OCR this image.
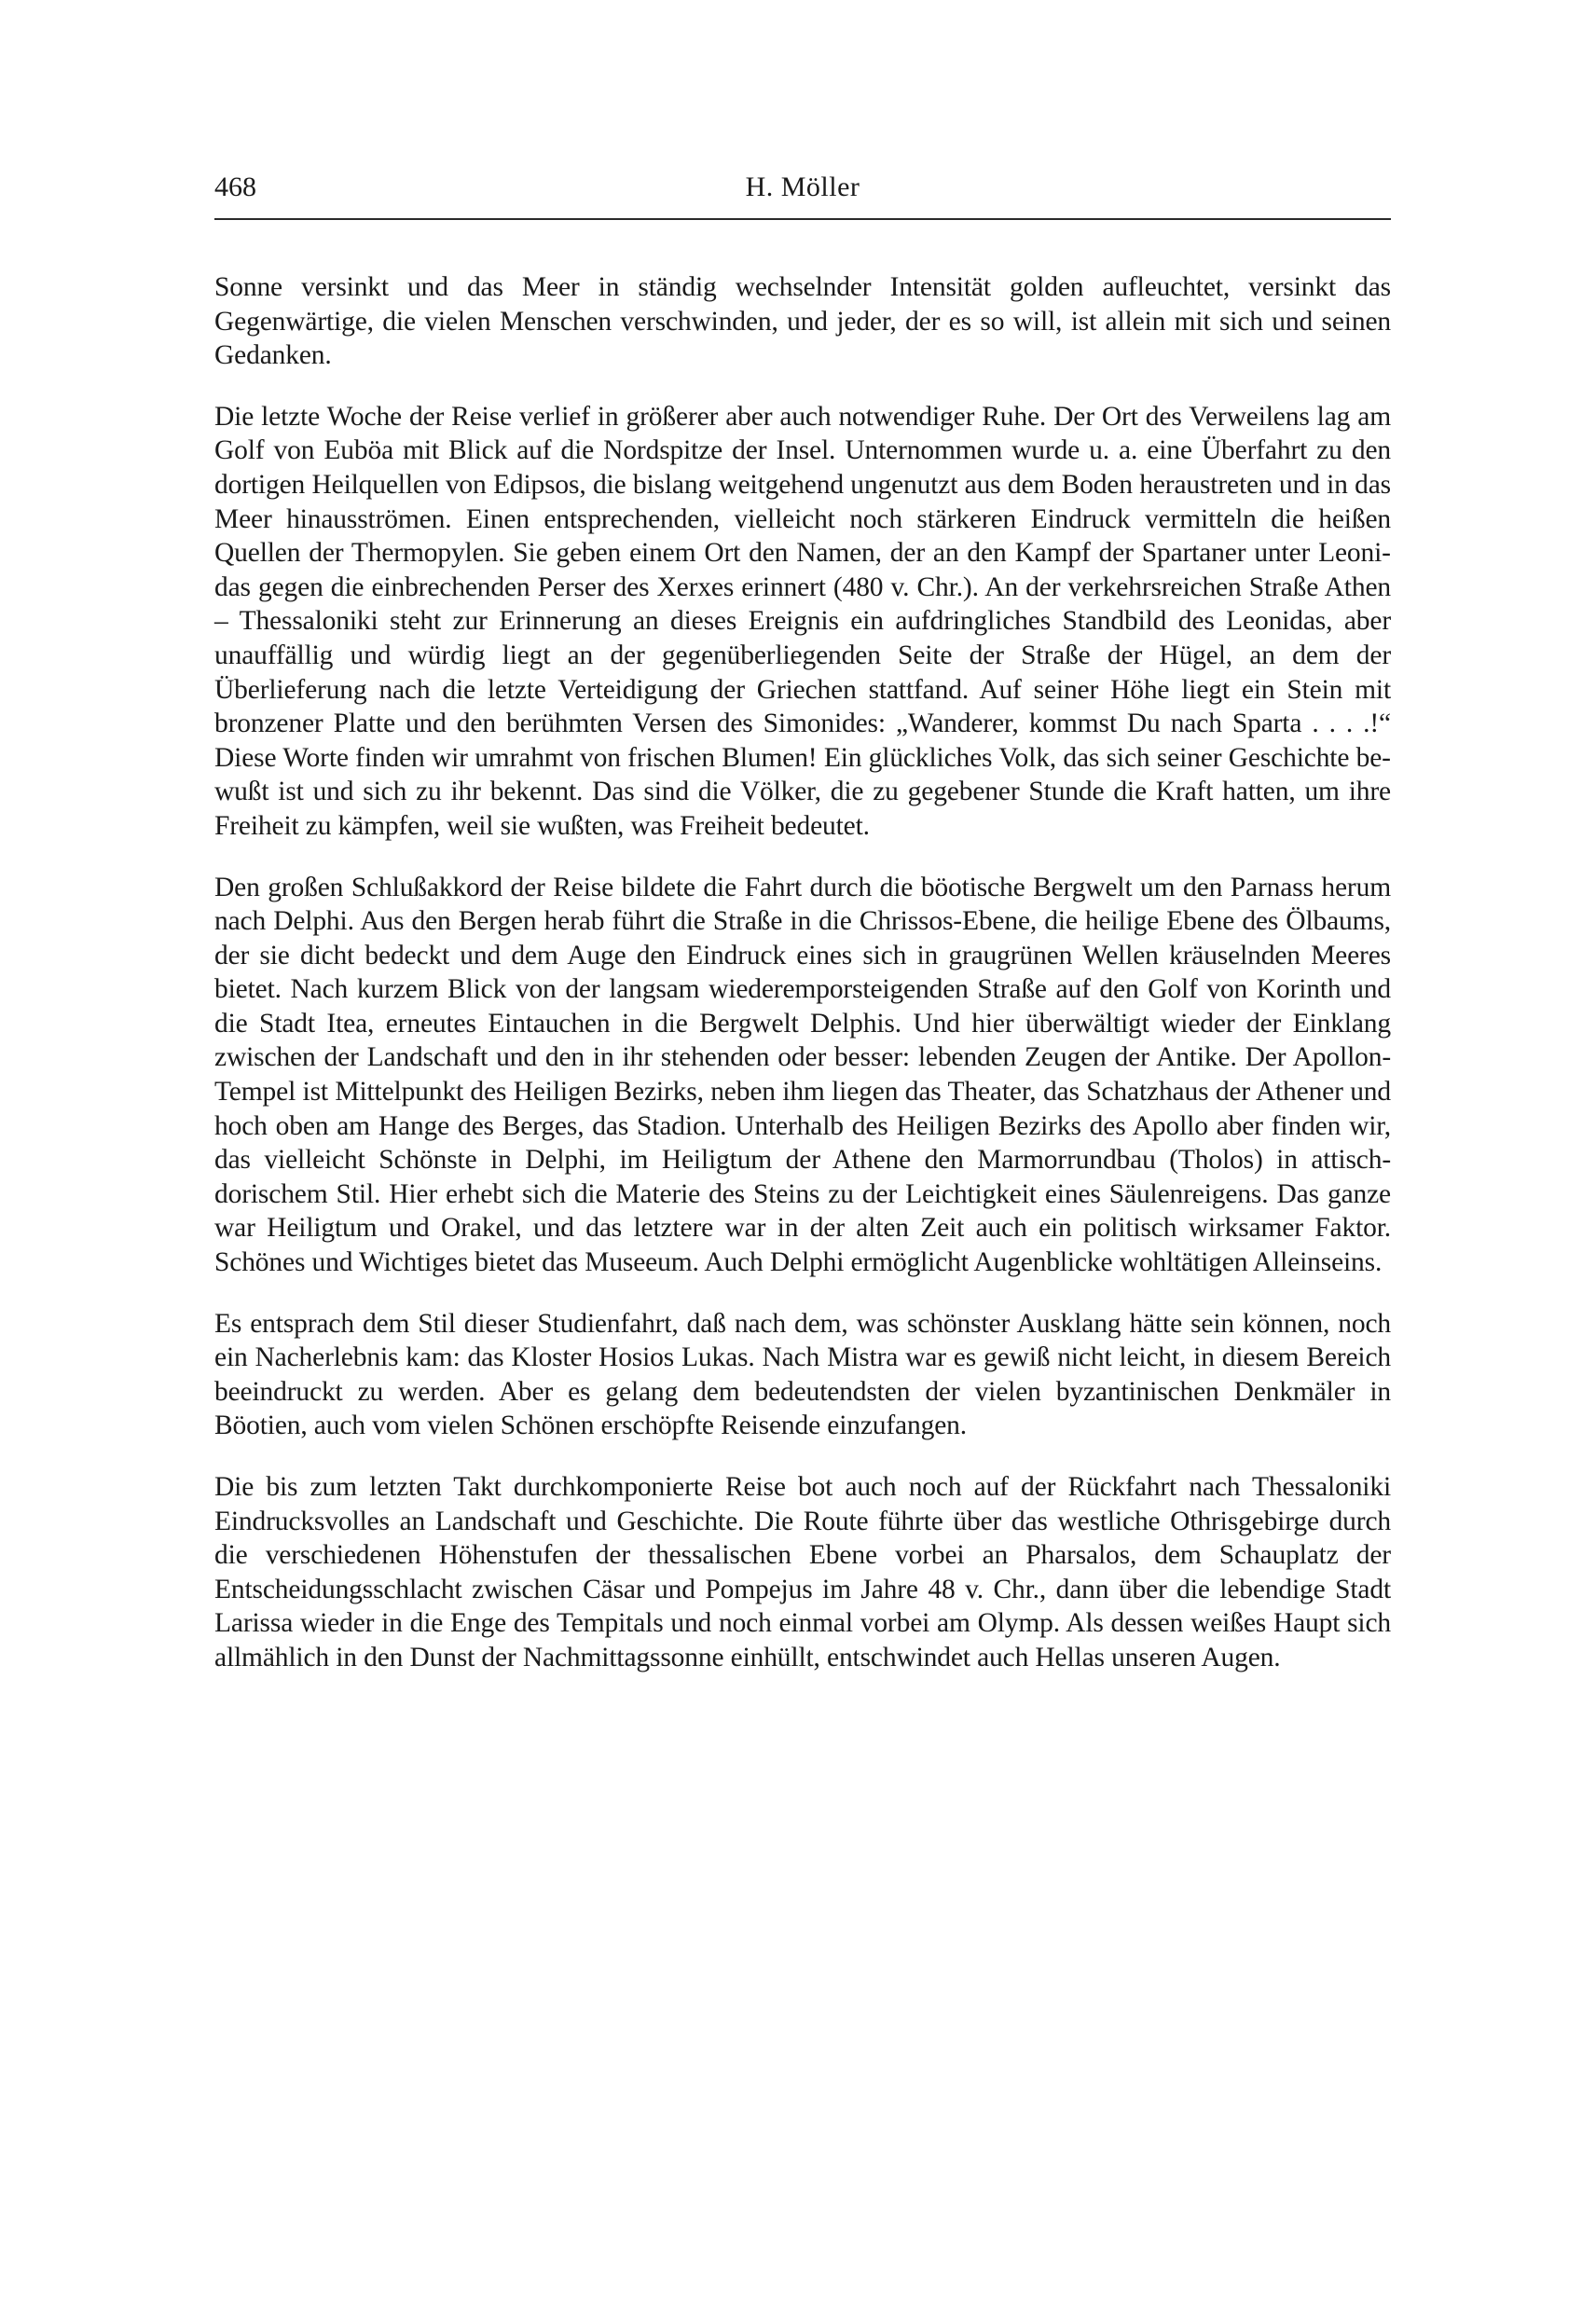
468	H. Möller

Sonne versinkt und das Meer in ständig wechselnder Intensität golden aufleuchtet, versinkt das Gegenwärtige, die vielen Menschen verschwinden, und jeder, der es so will, ist allein mit sich und seinen Gedanken.

Die letzte Woche der Reise verlief in größerer aber auch notwendiger Ruhe. Der Ort des Verweilens lag am Golf von Euböa mit Blick auf die Nordspitze der Insel. Unternommen wurde u. a. eine Überfahrt zu den dortigen Heilquellen von Edipsos, die bislang weitgehend ungenutzt aus dem Boden heraustreten und in das Meer hinausströmen. Einen entsprechenden, vielleicht noch stärkeren Eindruck vermitteln die heißen Quellen der Thermopylen. Sie geben einem Ort den Namen, der an den Kampf der Spartaner unter Leonidas gegen die einbrechenden Perser des Xerxes erinnert (480 v. Chr.). An der verkehrsreichen Straße Athen – Thessaloniki steht zur Erinnerung an dieses Ereignis ein aufdringliches Standbild des Leonidas, aber unauffällig und würdig liegt an der gegenüberliegenden Seite der Straße der Hügel, an dem der Überlieferung nach die letzte Verteidigung der Griechen stattfand. Auf seiner Höhe liegt ein Stein mit bronzener Platte und den berühmten Versen des Simonides: „Wanderer, kommst Du nach Sparta . . . .!“ Diese Worte finden wir umrahmt von frischen Blumen! Ein glückliches Volk, das sich seiner Geschichte bewußt ist und sich zu ihr bekennt. Das sind die Völker, die zu gegebener Stunde die Kraft hatten, um ihre Freiheit zu kämpfen, weil sie wußten, was Freiheit bedeutet.

Den großen Schlußakkord der Reise bildete die Fahrt durch die böotische Bergwelt um den Parnass herum nach Delphi. Aus den Bergen herab führt die Straße in die Chrissos-Ebene, die heilige Ebene des Ölbaums, der sie dicht bedeckt und dem Auge den Eindruck eines sich in graugrünen Wellen kräuselnden Meeres bietet. Nach kurzem Blick von der langsam wiederemporsteigenden Straße auf den Golf von Korinth und die Stadt Itea, erneutes Eintauchen in die Bergwelt Delphis. Und hier überwältigt wieder der Einklang zwischen der Landschaft und den in ihr stehenden oder besser: lebenden Zeugen der Antike. Der Apollon-Tempel ist Mittelpunkt des Heiligen Bezirks, neben ihm liegen das Theater, das Schatzhaus der Athener und hoch oben am Hange des Berges, das Stadion. Unterhalb des Heiligen Bezirks des Apollo aber finden wir, das vielleicht Schönste in Delphi, im Heiligtum der Athene den Marmorrundbau (Tholos) in attisch-dorischem Stil. Hier erhebt sich die Materie des Steins zu der Leichtigkeit eines Säulenreigens. Das ganze war Heiligtum und Orakel, und das letztere war in der alten Zeit auch ein politisch wirksamer Faktor. Schönes und Wichtiges bietet das Museeum. Auch Delphi ermöglicht Augenblicke wohltätigen Alleinseins.

Es entsprach dem Stil dieser Studienfahrt, daß nach dem, was schönster Ausklang hätte sein können, noch ein Nacherlebnis kam: das Kloster Hosios Lukas. Nach Mistra war es gewiß nicht leicht, in diesem Bereich beeindruckt zu werden. Aber es gelang dem bedeutendsten der vielen byzantinischen Denkmäler in Böotien, auch vom vielen Schönen erschöpfte Reisende einzufangen.

Die bis zum letzten Takt durchkomponierte Reise bot auch noch auf der Rückfahrt nach Thessaloniki Eindrucksvolles an Landschaft und Geschichte. Die Route führte über das westliche Othrisgebirge durch die verschiedenen Höhenstufen der thessalischen Ebene vorbei an Pharsalos, dem Schauplatz der Entscheidungsschlacht zwischen Cäsar und Pompejus im Jahre 48 v. Chr., dann über die lebendige Stadt Larissa wieder in die Enge des Tempitals und noch einmal vorbei am Olymp. Als dessen weißes Haupt sich allmählich in den Dunst der Nachmittagssonne einhüllt, entschwindet auch Hellas unseren Augen.
